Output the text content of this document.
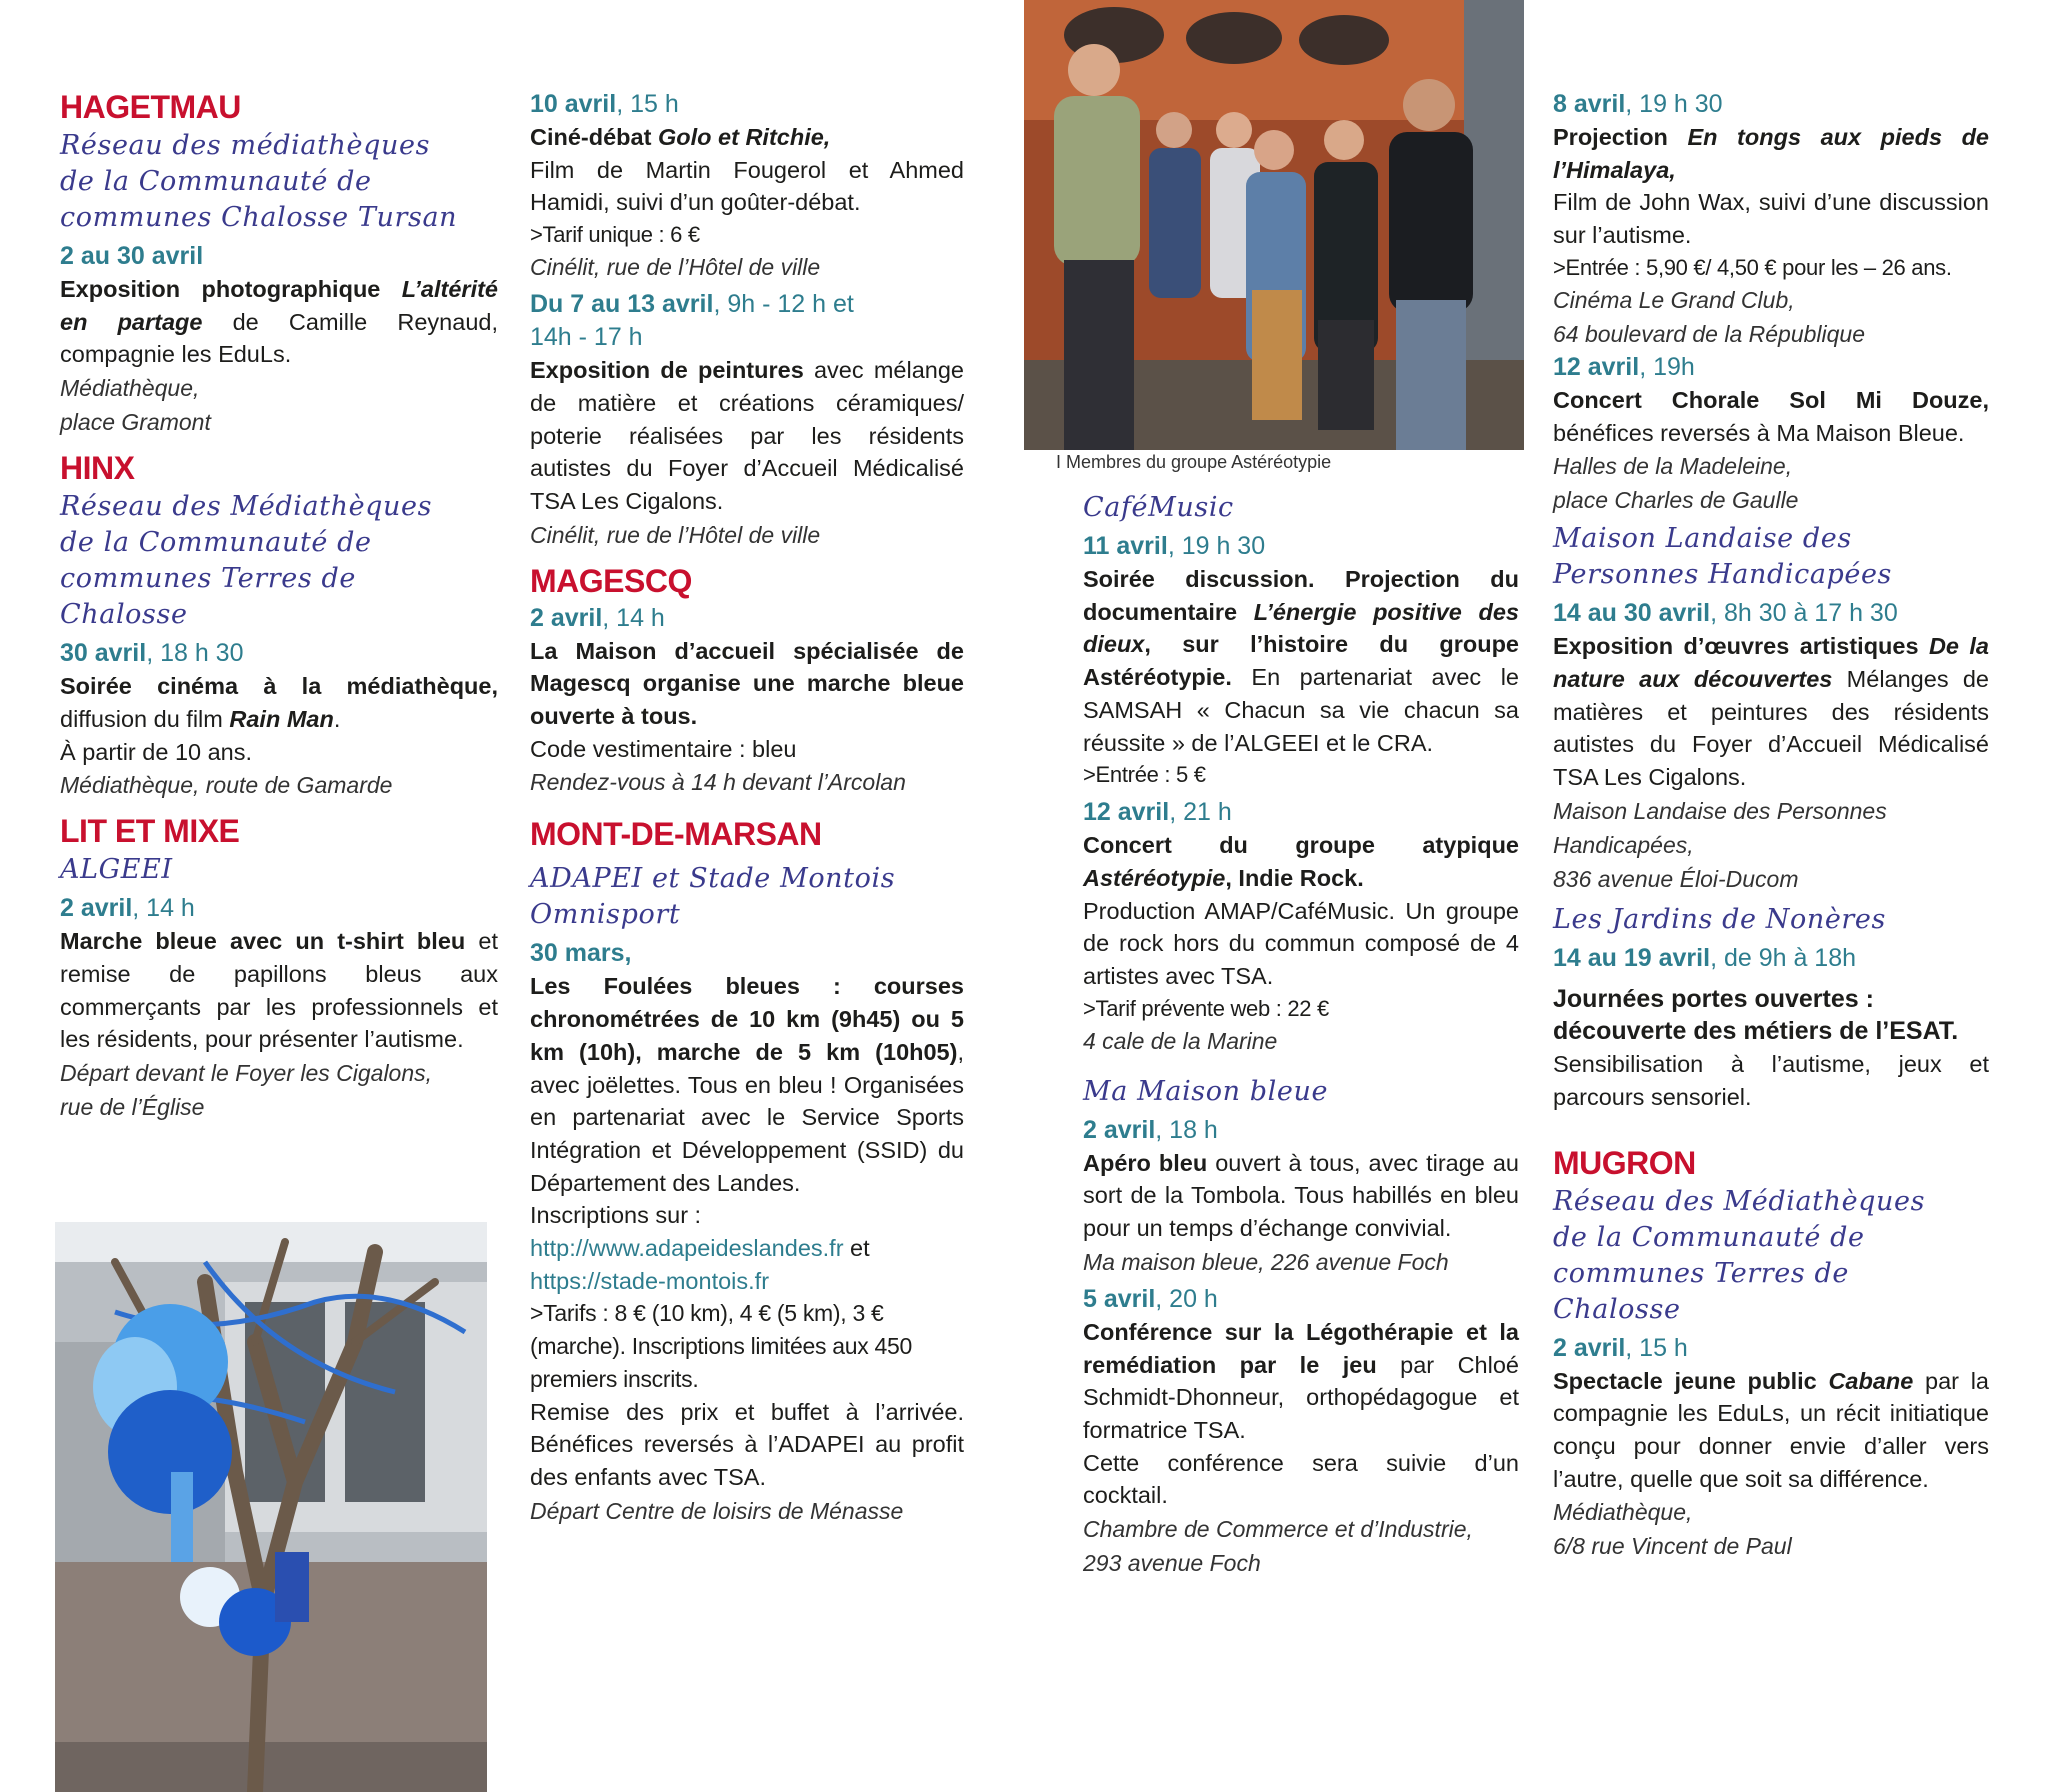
HAGETMAU
Réseau des médiathèques
de la Communauté de
communes Chalosse Tursan
2 au 30 avril
Exposition photographique L’altérité en partage de Camille Reynaud, compagnie les EduLs.
Médiathèque,
place Gramont
HINX
Réseau des Médiathèques
de la Communauté de
communes Terres de
Chalosse
30 avril, 18 h 30
Soirée cinéma à la médiathèque, diffusion du film Rain Man.
À partir de 10 ans.
Médiathèque, route de Gamarde
LIT ET MIXE
ALGEEI
2 avril, 14 h
Marche bleue avec un t-shirt bleu et remise de papillons bleus aux commerçants par les professionnels et les résidents, pour présenter l’autisme.
Départ devant le Foyer les Cigalons,
rue de l’Église
10 avril, 15 h
Ciné-débat Golo et Ritchie,
Film de Martin Fougerol et Ahmed Hamidi, suivi d’un goûter-débat.
>Tarif unique : 6 €
Cinélit, rue de l’Hôtel de ville
Du 7 au 13 avril, 9h - 12 h et
14h - 17 h
Exposition de peintures avec mélange de matière et créations céramiques/ poterie réalisées par les résidents autistes du Foyer d’Accueil Médicalisé TSA Les Cigalons.
Cinélit, rue de l’Hôtel de ville
MAGESCQ
2 avril, 14 h
La Maison d’accueil spécialisée de Magescq organise une marche bleue ouverte à tous.
Code vestimentaire : bleu
Rendez-vous à 14 h devant l’Arcolan
MONT-DE-MARSAN
ADAPEI et Stade Montois
Omnisport
30 mars,
Les Foulées bleues : courses chronométrées de 10 km (9h45) ou 5 km (10h), marche de 5 km (10h05), avec joëlettes. Tous en bleu ! Organisées en partenariat avec le Service Sports Intégration et Développement (SSID) du Département des Landes.
Inscriptions sur :
http://www.adapeideslandes.fr et
https://stade-montois.fr
>Tarifs : 8 € (10 km), 4 € (5 km), 3 € (marche). Inscriptions limitées aux 450 premiers inscrits.
Remise des prix et buffet à l’arrivée. Bénéfices reversés à l’ADAPEI au profit des enfants avec TSA.
Départ Centre de loisirs de Ménasse
I Membres du groupe Astéréotypie
CaféMusic
11 avril, 19 h 30
Soirée discussion. Projection du documentaire L’énergie positive des dieux, sur l’histoire du groupe Astéréotypie. En partenariat avec le SAMSAH « Chacun sa vie chacun sa réussite » de l’ALGEEI et le CRA.
>Entrée : 5 €
12 avril, 21 h
Concert du groupe atypique Astéréotypie, Indie Rock.
Production AMAP/CaféMusic. Un groupe de rock hors du commun composé de 4 artistes avec TSA.
>Tarif prévente web : 22 €
4 cale de la Marine
Ma Maison bleue
2 avril, 18 h
Apéro bleu ouvert à tous, avec tirage au sort de la Tombola. Tous habillés en bleu pour un temps d’échange convivial.
Ma maison bleue, 226 avenue Foch
5 avril, 20 h
Conférence sur la Légothérapie et la remédiation par le jeu par Chloé Schmidt-Dhonneur, orthopédagogue et formatrice TSA.
Cette conférence sera suivie d’un cocktail.
Chambre de Commerce et d’Industrie,
293 avenue Foch
8 avril, 19 h 30
Projection En tongs aux pieds de l’Himalaya,
Film de John Wax, suivi d’une discussion sur l’autisme.
>Entrée : 5,90 €/ 4,50 € pour les – 26 ans.
Cinéma Le Grand Club,
64 boulevard de la République
12 avril, 19h
Concert Chorale Sol Mi Douze, bénéfices reversés à Ma Maison Bleue.
Halles de la Madeleine,
place Charles de Gaulle
Maison Landaise des
Personnes Handicapées
14 au 30 avril, 8h 30 à 17 h 30
Exposition d’œuvres artistiques De la nature aux découvertes Mélanges de matières et peintures des résidents autistes du Foyer d’Accueil Médicalisé TSA Les Cigalons.
Maison Landaise des Personnes
Handicapées,
836 avenue Éloi-Ducom
Les Jardins de Nonères
14 au 19 avril, de 9h à 18h
Journées portes ouvertes : découverte des métiers de l’ESAT.
Sensibilisation à l’autisme, jeux et parcours sensoriel.
MUGRON
Réseau des Médiathèques
de la Communauté de
communes Terres de
Chalosse
2 avril, 15 h
Spectacle jeune public Cabane par la compagnie les EduLs, un récit initiatique conçu pour donner envie d’aller vers l’autre, quelle que soit sa différence.
Médiathèque,
6/8 rue Vincent de Paul
